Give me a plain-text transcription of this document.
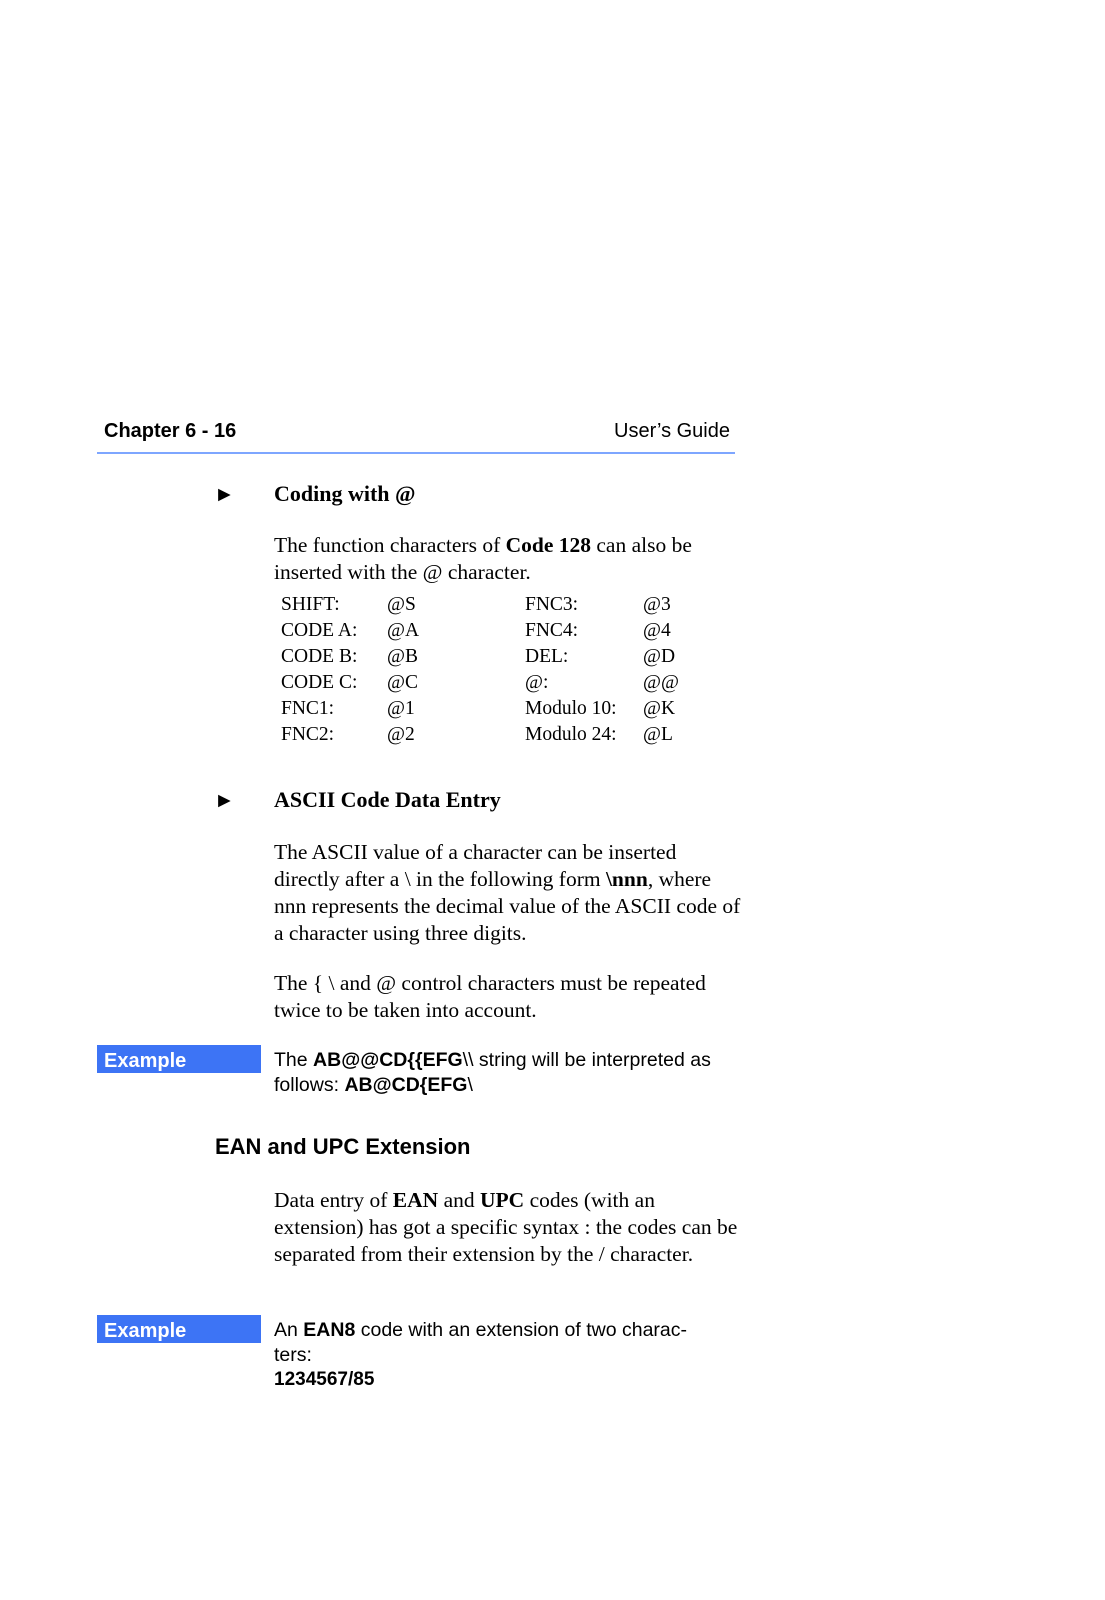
Chapter 6 - 16	User’s Guide
► Coding with @
The function characters of Code 128 can also be inserted with the @ character.
SHIFT:	@S	FNC3:	@3
CODE A:	@A	FNC4:	@4
CODE B:	@B	DEL:	@D
CODE C:	@C	@:	@@
FNC1:	@1	Modulo 10:	@K
FNC2:	@2	Modulo 24:	@L
► ASCII Code Data Entry
The ASCII value of a character can be inserted directly after a \ in the following form \nnn, where nnn represents the decimal value of the ASCII code of a character using three digits.
The { \ and @ control characters must be repeated twice to be taken into account.
Example	The AB@@CD{{EFG\\ string will be interpreted as follows: AB@CD{EFG\
EAN and UPC Extension
Data entry of EAN and UPC codes (with an extension) has got a specific syntax : the codes can be separated from their extension by the / character.
Example	An EAN8 code with an extension of two charac- ters:
1234567/85
